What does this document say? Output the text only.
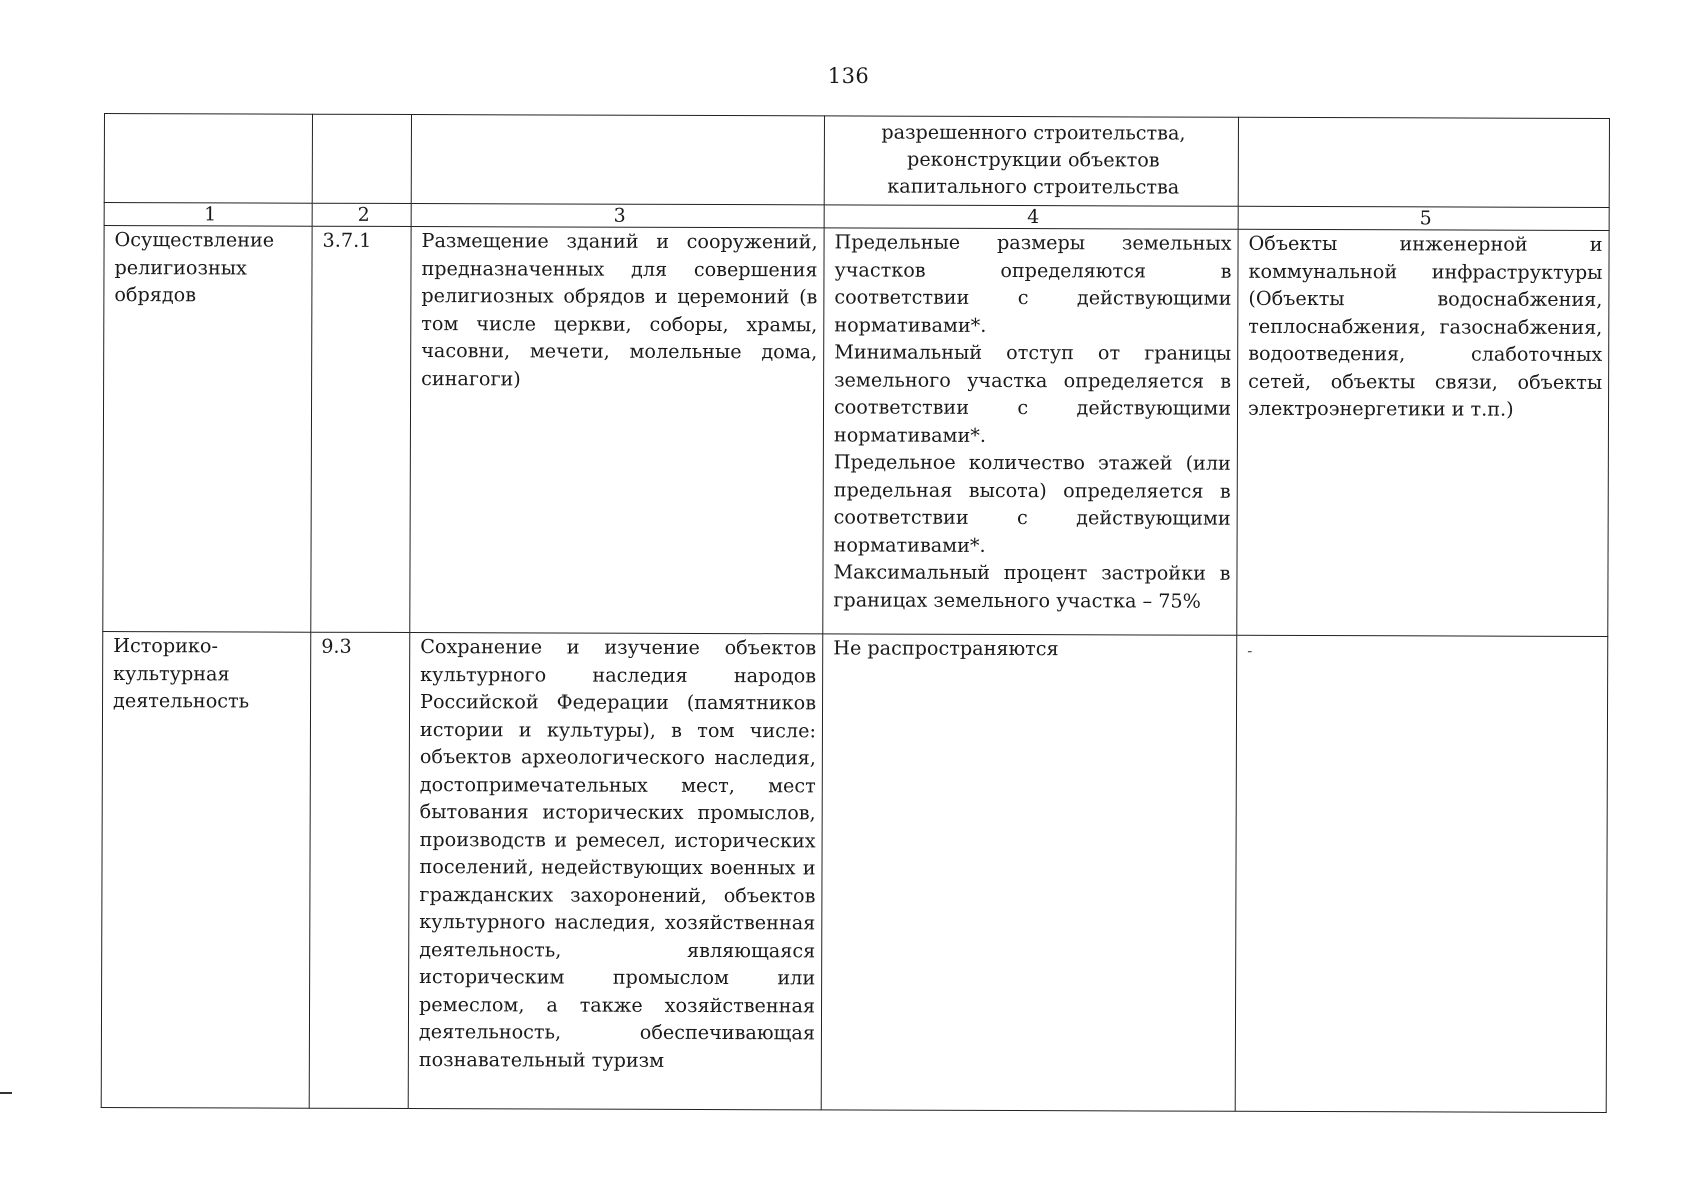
136

			разрешенного строительства, реконструкции объектов капитального строительства	

1	2	3	4	5
Осуществление религиозных обрядов	3.7.1	Размещение зданий и сооружений, предназначенных для совершения религиозных обрядов и церемоний (в том числе церкви, соборы, храмы, часовни, мечети, молельные дома, синагоги)	Предельные размеры земельных участков определяются в соответствии с действующими нормативами*.
Минимальный отступ от границы земельного участка определяется в соответствии с действующими нормативами*.
Предельное количество этажей (или предельная высота) определяется в соответствии с действующими нормативами*.
Максимальный процент застройки в границах земельного участка – 75%	Объекты инженерной и коммунальной инфраструктуры (Объекты водоснабжения, теплоснабжения, газоснабжения, водоотведения, слаботочных сетей, объекты связи, объекты электроэнергетики и т.п.)
Историко-культурная деятельность	9.3	Сохранение и изучение объектов культурного наследия народов Российской Федерации (памятников истории и культуры), в том числе: объектов археологического наследия, достопримечательных мест, мест бытования исторических промыслов, производств и ремесел, исторических поселений, недействующих военных и гражданских захоронений, объектов культурного наследия, хозяйственная деятельность, являющаяся историческим промыслом или ремеслом, а также хозяйственная деятельность, обеспечивающая познавательный туризм	Не распространяются	-
